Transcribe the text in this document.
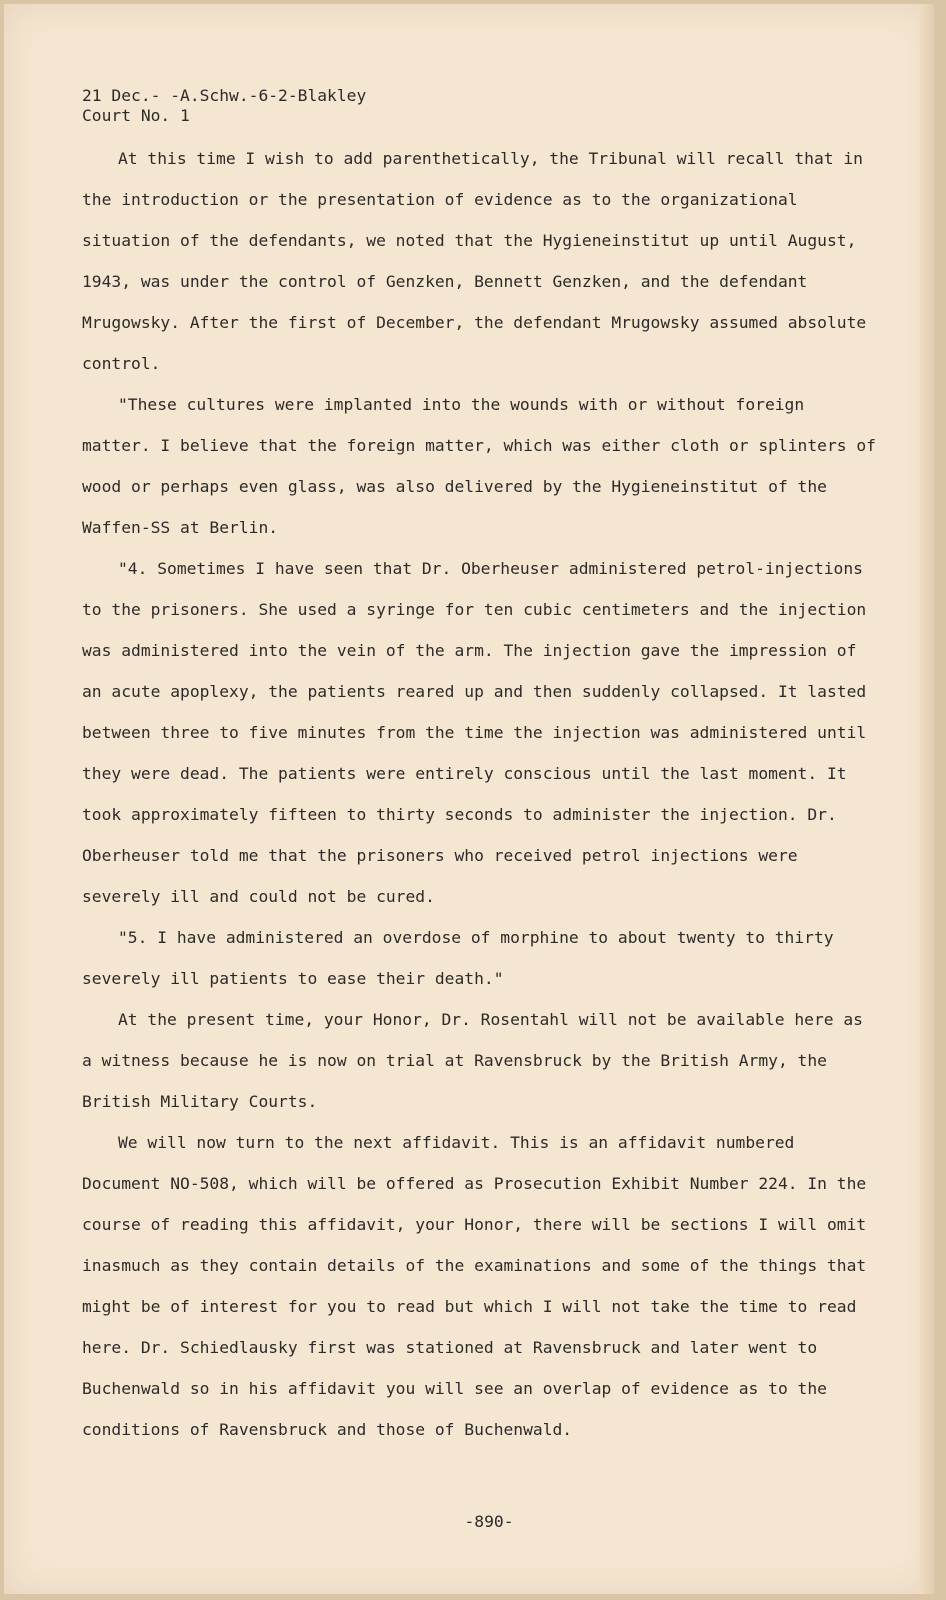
21 Dec.- -A.Schw.-6-2-Blakley
Court No. 1

At this time I wish to add parenthetically, the Tribunal will recall that in the introduction or the presentation of evidence as to the organizational situation of the defendants, we noted that the Hygieneinstitut up until August, 1943, was under the control of Genzken, Bennett Genzken, and the defendant Mrugowsky. After the first of December, the defendant Mrugowsky assumed absolute control.

"These cultures were implanted into the wounds with or without foreign matter. I believe that the foreign matter, which was either cloth or splinters of wood or perhaps even glass, was also delivered by the Hygieneinstitut of the Waffen-SS at Berlin.

"4. Sometimes I have seen that Dr. Oberheuser administered petrol-injections to the prisoners. She used a syringe for ten cubic centimeters and the injection was administered into the vein of the arm. The injection gave the impression of an acute apoplexy, the patients reared up and then suddenly collapsed. It lasted between three to five minutes from the time the injection was administered until they were dead. The patients were entirely conscious until the last moment. It took approximately fifteen to thirty seconds to administer the injection. Dr. Oberheuser told me that the prisoners who received petrol injections were severely ill and could not be cured.

"5. I have administered an overdose of morphine to about twenty to thirty severely ill patients to ease their death."

At the present time, your Honor, Dr. Rosentahl will not be available here as a witness because he is now on trial at Ravensbruck by the British Army, the British Military Courts.

We will now turn to the next affidavit. This is an affidavit numbered Document NO-508, which will be offered as Prosecution Exhibit Number 224. In the course of reading this affidavit, your Honor, there will be sections I will omit inasmuch as they contain details of the examinations and some of the things that might be of interest for you to read but which I will not take the time to read here. Dr. Schiedlausky first was stationed at Ravensbruck and later went to Buchenwald so in his affidavit you will see an overlap of evidence as to the conditions of Ravensbruck and those of Buchenwald.

-890-
